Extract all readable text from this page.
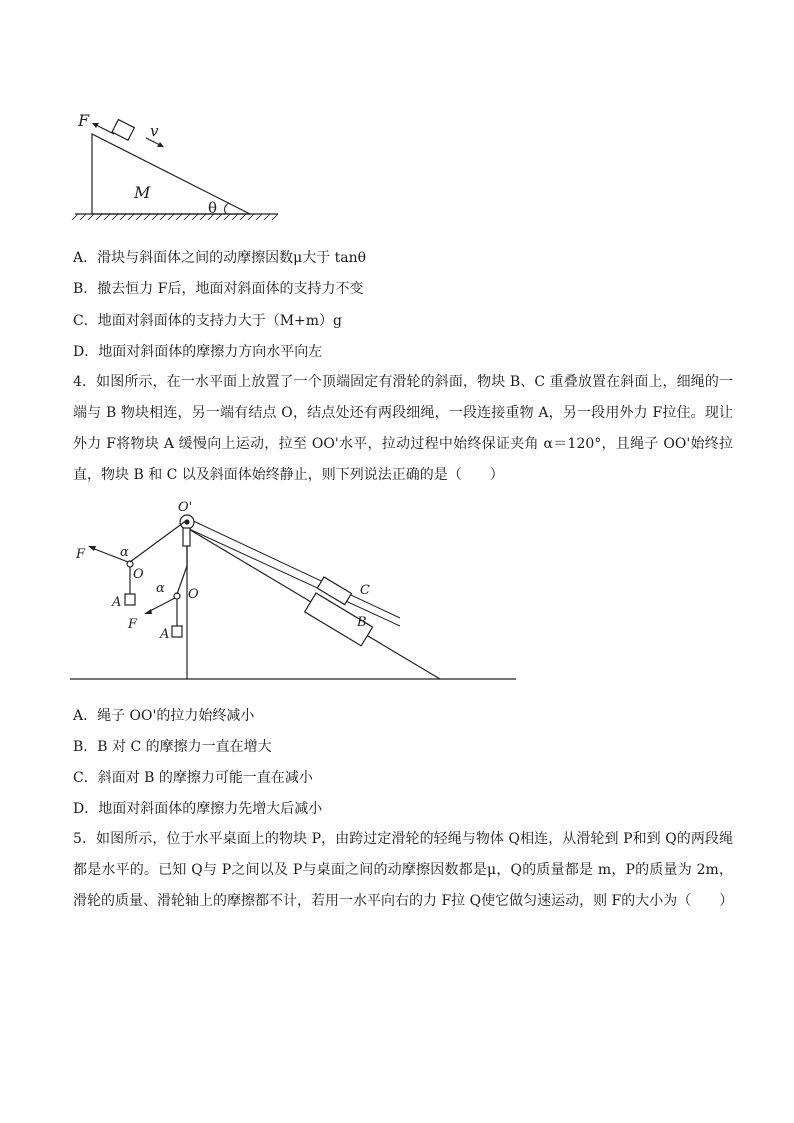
F
v
M
θ
A．滑块与斜面体之间的动摩擦因数μ大于 tanθ
B．撤去恒力 F后，地面对斜面体的支持力不变
C．地面对斜面体的支持力大于（M+m）g
D．地面对斜面体的摩擦力方向水平向左
4．如图所示，在一水平面上放置了一个顶端固定有滑轮的斜面，物块 B、C 重叠放置在斜面上，细绳的一端与 B 物块相连，另一端有结点 O，结点处还有两段细绳，一段连接重物 A，另一段用外力 F拉住。现让外力 F将物块 A 缓慢向上运动，拉至 OO'水平，拉动过程中始终保证夹角 α＝120°，且绳子 OO'始终拉直，物块 B 和 C 以及斜面体始终静止，则下列说法正确的是（　　）
O'
α
F
O
A
α O
F
A
C
B
A．绳子 OO'的拉力始终减小
B．B 对 C 的摩擦力一直在增大
C．斜面对 B 的摩擦力可能一直在减小
D．地面对斜面体的摩擦力先增大后减小
5．如图所示，位于水平桌面上的物块 P，由跨过定滑轮的轻绳与物体 Q相连，从滑轮到 P和到 Q的两段绳都是水平的。已知 Q与 P之间以及 P与桌面之间的动摩擦因数都是μ，Q的质量都是 m，P的质量为 2m，滑轮的质量、滑轮轴上的摩擦都不计，若用一水平向右的力 F拉 Q使它做匀速运动，则 F的大小为（　　）
